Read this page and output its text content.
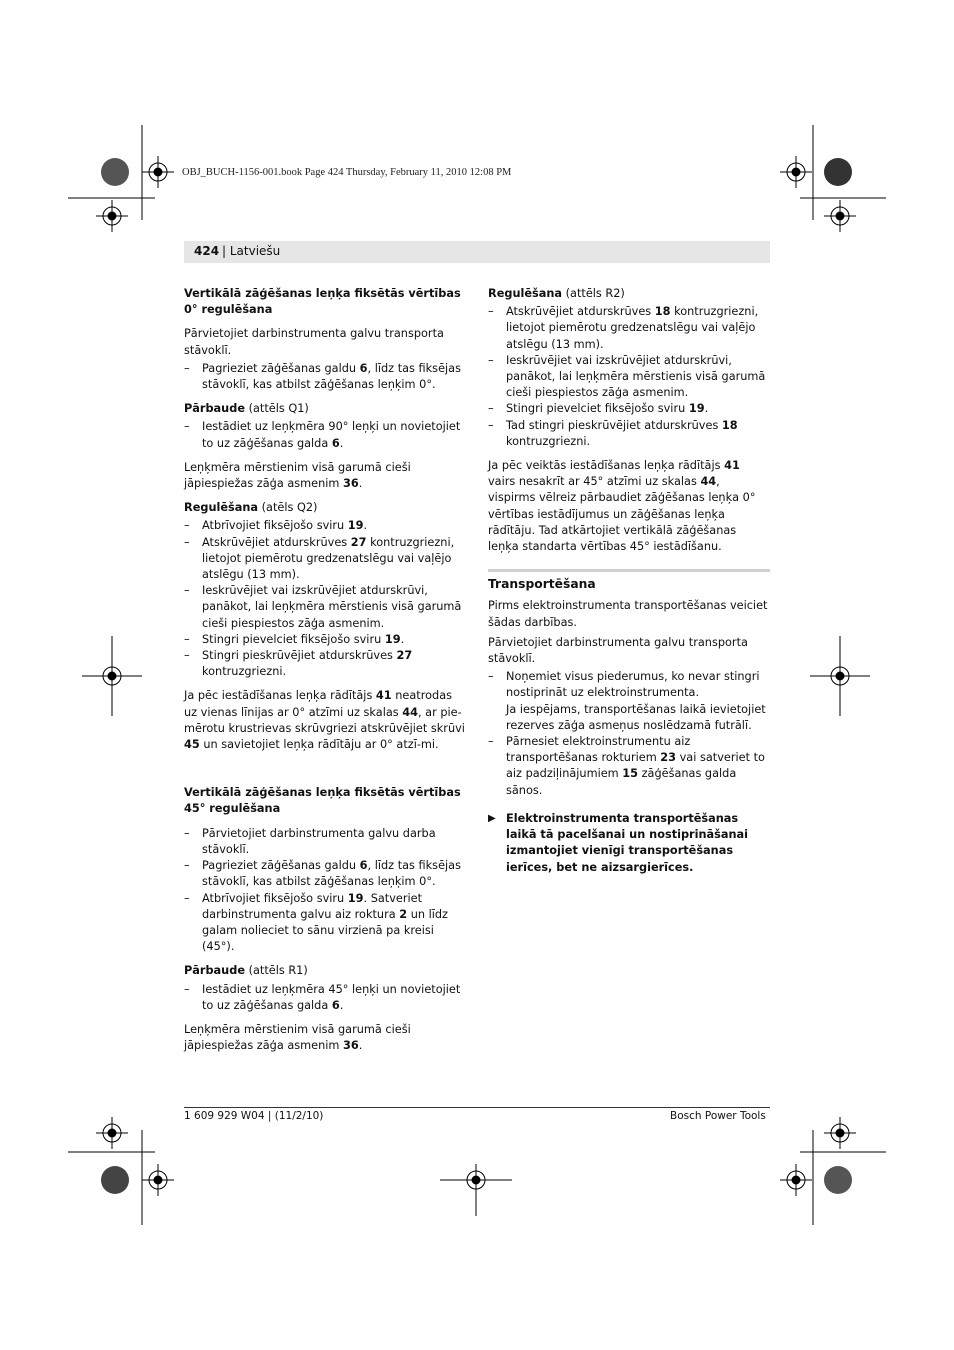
OBJ_BUCH-1156-001.book Page 424 Thursday, February 11, 2010 12:08 PM
424 | Latviešu

Vertikālā zāģēšanas leņķa fiksētās vērtības 0° regulēšana

Pārvietojiet darbinstrumenta galvu transporta stāvoklī.

– Pagrieziet zāģēšanas galdu 6, līdz tas fiksējas stāvoklī, kas atbilst zāģēšanas leņķim 0°.

Pārbaude (attēls Q1)

– Iestādiet uz leņķmēra 90° leņķi un novietojiet to uz zāģēšanas galda 6.

Leņķmēra mērstienim visā garumā cieši jāpiespiežas zāģa asmenim 36.

Regulēšana (atēls Q2)

– Atbrīvojiet fiksējošo sviru 19.
– Atskrūvējiet atdurskrūves 27 kontruzgriezni, lietojot piemērotu gredzenatslēgu vai vaļējo atslēgu (13 mm).
– Ieskrūvējiet vai izskrūvējiet atdurskrūvi, panākot, lai leņķmēra mērstienis visā garumā cieši piespiestos zāģa asmenim.
– Stingri pievelciet fiksējošo sviru 19.
– Stingri pieskrūvējiet atdurskrūves 27 kontruzgriezni.

Ja pēc iestādīšanas leņķa rādītājs 41 neatrodas uz vienas līnijas ar 0° atzīmi uz skalas 44, ar pie-mērotu krustrievas skrūvgriezi atskrūvējiet skrūvi 45 un savietojiet leņķa rādītāju ar 0° atzī-mi.

Vertikālā zāģēšanas leņķa fiksētās vērtības 45° regulēšana

– Pārvietojiet darbinstrumenta galvu darba stāvoklī.
– Pagrieziet zāģēšanas galdu 6, līdz tas fiksējas stāvoklī, kas atbilst zāģēšanas leņķim 0°.
– Atbrīvojiet fiksējošo sviru 19. Satveriet darbinstrumenta galvu aiz roktura 2 un līdz galam nolieciet to sānu virzienā pa kreisi (45°).

Pārbaude (attēls R1)

– Iestādiet uz leņķmēra 45° leņķi un novietojiet to uz zāģēšanas galda 6.

Leņķmēra mērstienim visā garumā cieši jāpiespiežas zāģa asmenim 36.

Regulēšana (attēls R2)

– Atskrūvējiet atdurskrūves 18 kontruzgriezni, lietojot piemērotu gredzenatslēgu vai vaļējo atslēgu (13 mm).
– Ieskrūvējiet vai izskrūvējiet atdurskrūvi, panākot, lai leņķmēra mērstienis visā garumā cieši piespiestos zāģa asmenim.
– Stingri pievelciet fiksējošo sviru 19.
– Tad stingri pieskrūvējiet atdurskrūves 18 kontruzgriezni.

Ja pēc veiktās iestādīšanas leņķa rādītājs 41 vairs nesakrīt ar 45° atzīmi uz skalas 44, vispirms vēlreiz pārbaudiet zāģēšanas leņķa 0° vērtības iestādījumus un zāģēšanas leņķa rādītāju. Tad atkārtojiet vertikālā zāģēšanas leņķa standarta vērtības 45° iestādīšanu.

Transportēšana

Pirms elektroinstrumenta transportēšanas veiciet šādas darbības.

Pārvietojiet darbinstrumenta galvu transporta stāvoklī.

– Noņemiet visus piederumus, ko nevar stingri nostiprināt uz elektroinstrumenta.
Ja iespējams, transportēšanas laikā ievietojiet rezerves zāģa asmeņus noslēdzamā futrālī.
– Pārnesiet elektroinstrumentu aiz transportēšanas rokturiem 23 vai satveriet to aiz padziļinājumiem 15 zāģēšanas galda sānos.
▶ Elektroinstrumenta transportēšanas laikā tā pacelšanai un nostiprināšanai izmantojiet vienīgi transportēšanas ierīces, bet ne aizsargierīces.
1 609 929 W04 | (11/2/10)	Bosch Power Tools
